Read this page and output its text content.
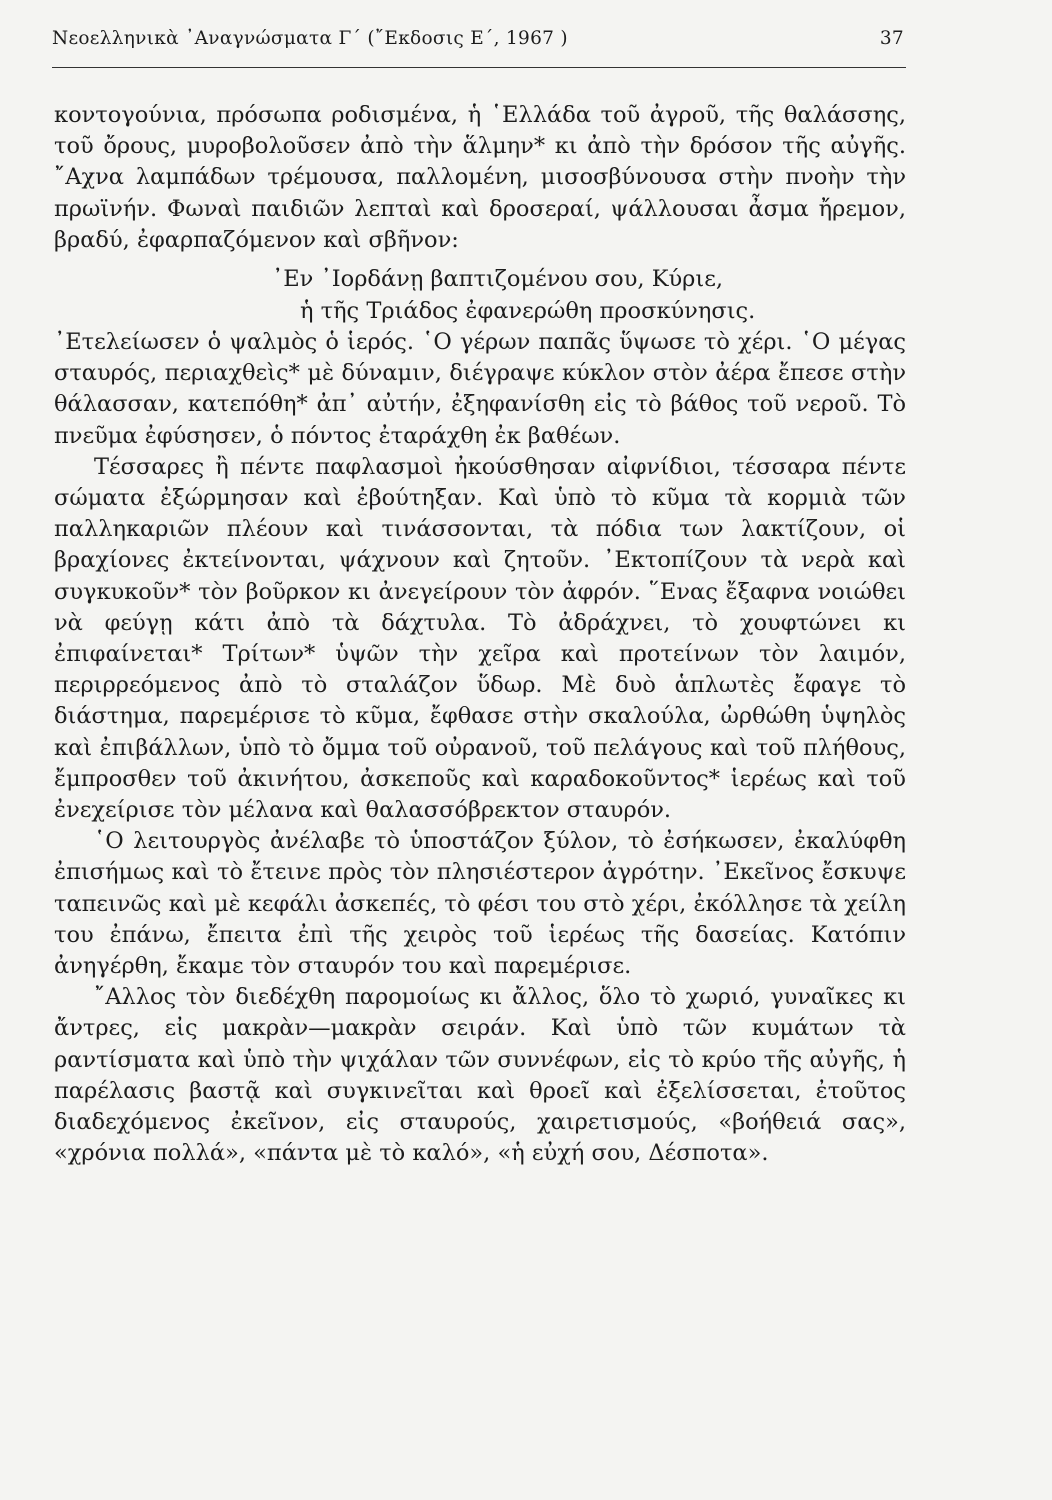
Νεοελληνικὰ ᾿Αναγνώσματα Γ΄ (῎Εκδοσις Ε΄, 1967 )	37

κοντογούνια, πρόσωπα ροδισμένα, ἡ ῾Ελλάδα τοῦ ἀγροῦ, τῆς θαλάσσης, τοῦ ὄρους, μυροβολοῦσεν ἀπὸ τὴν ἅλμην* κι ἀπὸ τὴν δρόσον τῆς αὐγῆς. ῎Αχνα λαμπάδων τρέμουσα, παλλομένη, μισοσβύνουσα στὴν πνοὴν τὴν πρωϊνήν. Φωναὶ παιδιῶν λεπταὶ καὶ δροσεραί, ψάλλουσαι ἆσμα ἤρεμον, βραδύ, ἐφαρπαζόμενον καὶ σβῆνον:

᾿Εν ᾿Ιορδάνῃ βαπτιζομένου σου, Κύριε,
ἡ τῆς Τριάδος ἐφανερώθη προσκύνησις.

᾿Ετελείωσεν ὁ ψαλμὸς ὁ ἱερός. ῾Ο γέρων παπᾶς ὕψωσε τὸ χέρι. ῾Ο μέγας σταυρός, περιαχθεὶς* μὲ δύναμιν, διέγραψε κύκλον στὸν ἀέρα ἔπεσε στὴν θάλασσαν, κατεπόθη* ἀπ᾿ αὐτήν, ἐξηφανίσθη εἰς τὸ βάθος τοῦ νεροῦ. Τὸ πνεῦμα ἐφύσησεν, ὁ πόντος ἐταράχθη ἐκ βαθέων.

Τέσσαρες ἢ πέντε παφλασμοὶ ἠκούσθησαν αἰφνίδιοι, τέσσαρα πέντε σώματα ἐξώρμησαν καὶ ἐβούτηξαν. Καὶ ὑπὸ τὸ κῦμα τὰ κορμιὰ τῶν παλληκαριῶν πλέουν καὶ τινάσσονται, τὰ πόδια των λακτίζουν, οἱ βραχίονες ἐκτείνονται, ψάχνουν καὶ ζητοῦν. ᾿Εκτοπίζουν τὰ νερὰ καὶ συγκυκοῦν* τὸν βοῦρκον κι ἀνεγείρουν τὸν ἀφρόν. ῞Ενας ἔξαφνα νοιώθει νὰ φεύγῃ κάτι ἀπὸ τὰ δάχτυλα. Τὸ ἀδράχνει, τὸ χουφτώνει κι ἐπιφαίνεται* Τρίτων* ὑψῶν τὴν χεῖρα καὶ προτείνων τὸν λαιμόν, περιρρεόμενος ἀπὸ τὸ σταλάζον ὕδωρ. Μὲ δυὸ ἁπλωτὲς ἔφαγε τὸ διάστημα, παρεμέρισε τὸ κῦμα, ἔφθασε στὴν σκαλούλα, ὠρθώθη ὑψηλὸς καὶ ἐπιβάλλων, ὑπὸ τὸ ὄμμα τοῦ οὐρανοῦ, τοῦ πελάγους καὶ τοῦ πλήθους, ἔμπροσθεν τοῦ ἀκινήτου, ἀσκεποῦς καὶ καραδοκοῦντος* ἱερέως καὶ τοῦ ἐνεχείρισε τὸν μέλανα καὶ θαλασσόβρεκτον σταυρόν.

῾Ο λειτουργὸς ἀνέλαβε τὸ ὑποστάζον ξύλον, τὸ ἐσήκωσεν, ἐκαλύφθη ἐπισήμως καὶ τὸ ἔτεινε πρὸς τὸν πλησιέστερον ἀγρότην. ᾿Εκεῖνος ἔσκυψε ταπεινῶς καὶ μὲ κεφάλι ἀσκεπές, τὸ φέσι του στὸ χέρι, ἐκόλλησε τὰ χείλη του ἐπάνω, ἔπειτα ἐπὶ τῆς χειρὸς τοῦ ἱερέως τῆς δασείας. Κατόπιν ἀνηγέρθη, ἔκαμε τὸν σταυρόν του καὶ παρεμέρισε.

῎Αλλος τὸν διεδέχθη παρομοίως κι ἄλλος, ὅλο τὸ χωριό, γυναῖκες κι ἄντρες, εἰς μακρὰν—μακρὰν σειράν. Καὶ ὑπὸ τῶν κυμάτων τὰ ραντίσματα καὶ ὑπὸ τὴν ψιχάλαν τῶν συννέφων, εἰς τὸ κρύο τῆς αὐγῆς, ἡ παρέλασις βαστᾷ καὶ συγκινεῖται καὶ θροεῖ καὶ ἐξελίσσεται, ἐτοῦτος διαδεχόμενος ἐκεῖνον, εἰς σταυρούς, χαιρετισμούς, «βοήθειά σας», «χρόνια πολλά», «πάντα μὲ τὸ καλό», «ἡ εὐχή σου, Δέσποτα».
